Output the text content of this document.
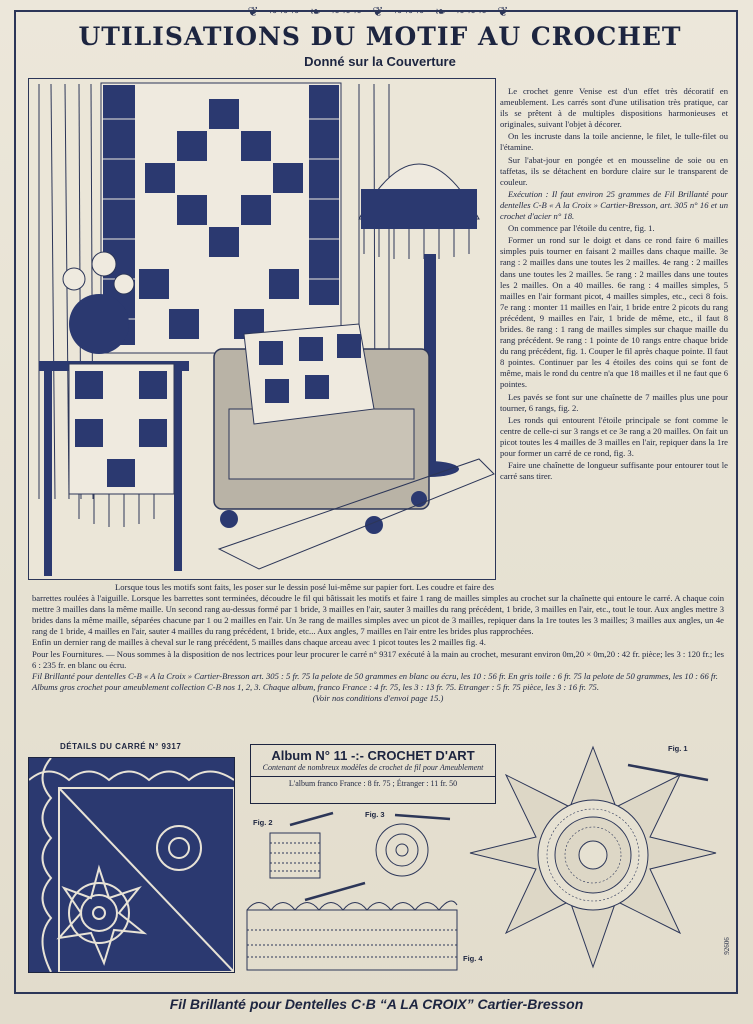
❦ ~~~ ❧ ~~~ ❦ ~~~ ❧ ~~~ ❦
UTILISATIONS DU MOTIF AU CROCHET
Donné sur la Couverture

Le crochet genre Venise est d'un effet très décoratif en ameublement. Les carrés sont d'une utilisation très pratique, car ils se prêtent à de multiples dispositions harmonieuses et originales, suivant l'objet à décorer.

On les incruste dans la toile ancienne, le filet, le tulle-filet ou l'étamine.

Sur l'abat-jour en pongée et en mousseline de soie ou en taffetas, ils se détachent en bordure claire sur le transparent de couleur.

Exécution : Il faut environ 25 grammes de Fil Brillanté pour dentelles C-B « A la Croix » Cartier-Bresson, art. 305 n° 16 et un crochet d'acier n° 18.

On commence par l'étoile du centre, fig. 1.

Former un rond sur le doigt et dans ce rond faire 6 mailles simples puis tourner en faisant 2 mailles dans chaque maille. 3e rang : 2 mailles dans une toutes les 2 mailles. 4e rang : 2 mailles dans une toutes les 2 mailles. 5e rang : 2 mailles dans une toutes les 2 mailles. On a 40 mailles. 6e rang : 4 mailles simples, 5 mailles en l'air formant picot, 4 mailles simples, etc., ceci 8 fois. 7e rang : monter 11 mailles en l'air, 1 bride entre 2 picots du rang précédent, 9 mailles en l'air, 1 bride de même, etc., il faut 8 brides. 8e rang : 1 rang de mailles simples sur chaque maille du rang précédent. 9e rang : 1 pointe de 10 rangs entre chaque bride du rang précédent, fig. 1. Couper le fil après chaque pointe. Il faut 8 pointes. Continuer par les 4 étoiles des coins qui se font de même, mais le rond du centre n'a que 18 mailles et il ne faut que 6 pointes.

Les pavés se font sur une chaînette de 7 mailles plus une pour tourner, 6 rangs, fig. 2.

Les ronds qui entourent l'étoile principale se font comme le centre de celle-ci sur 3 rangs et ce 3e rang a 20 mailles. On fait un picot toutes les 4 mailles de 3 mailles en l'air, repiquer dans la 1re pour former un carré de ce rond, fig. 3.

Faire une chaînette de longueur suffisante pour entourer tout le carré sans tirer.

Lorsque tous les motifs sont faits, les poser sur le dessin posé lui-même sur papier fort. Les coudre et faire des

barrettes roulées à l'aiguille. Lorsque les barrettes sont terminées, découdre le fil qui bâtissait les motifs et faire 1 rang de mailles simples au crochet sur la chaînette qui entoure le carré. A chaque coin mettre 3 mailles dans la même maille. Un second rang au-dessus formé par 1 bride, 3 mailles en l'air, sauter 3 mailles du rang précédent, 1 bride, 3 mailles en l'air, etc., tout le tour. Aux angles mettre 3 brides dans la même maille, séparées chacune par 1 ou 2 mailles en l'air. Un 3e rang de mailles simples avec un picot de 3 mailles, repiquer dans la 1re toutes les 3 mailles; 3 mailles aux angles, un 4e rang de 1 bride, 4 mailles en l'air, sauter 4 mailles du rang précédent, 1 bride, etc... Aux angles, 7 mailles en l'air entre les brides plus rapprochées.

Enfin un dernier rang de mailles à cheval sur le rang précédent, 5 mailles dans chaque arceau avec 1 picot toutes les 2 mailles fig. 4.

Pour les Fournitures. — Nous sommes à la disposition de nos lectrices pour leur procurer le carré n° 9317 exécuté à la main au crochet, mesurant environ 0m,20 × 0m,20 : 42 fr. pièce; les 3 : 120 fr.; les 6 : 235 fr. en blanc ou écru.

Fil Brillanté pour dentelles C-B « A la Croix » Cartier-Bresson art. 305 : 5 fr. 75 la pelote de 50 grammes en blanc ou écru, les 10 : 56 fr. En gris toile : 6 fr. 75 la pelote de 50 grammes, les 10 : 66 fr.

Albums gros crochet pour ameublement collection C-B nos 1, 2, 3. Chaque album, franco France : 4 fr. 75, les 3 : 13 fr. 75. Etranger : 5 fr. 75 pièce, les 3 : 16 fr. 75.

(Voir nos conditions d'envoi page 15.)

DÉTAILS DU CARRÉ N° 9317
Album N° 11 -:- CROCHET D'ART
Contenant de nombreux modèles de crochet de fil pour Ameublement
L'album franco France : 8 fr. 75 ; Étranger : 11 fr. 50
Fig. 2
Fig. 3
Fig. 4
Fig. 1
92606
Fil Brillanté pour Dentelles C·B “A LA CROIX” Cartier-Bresson
